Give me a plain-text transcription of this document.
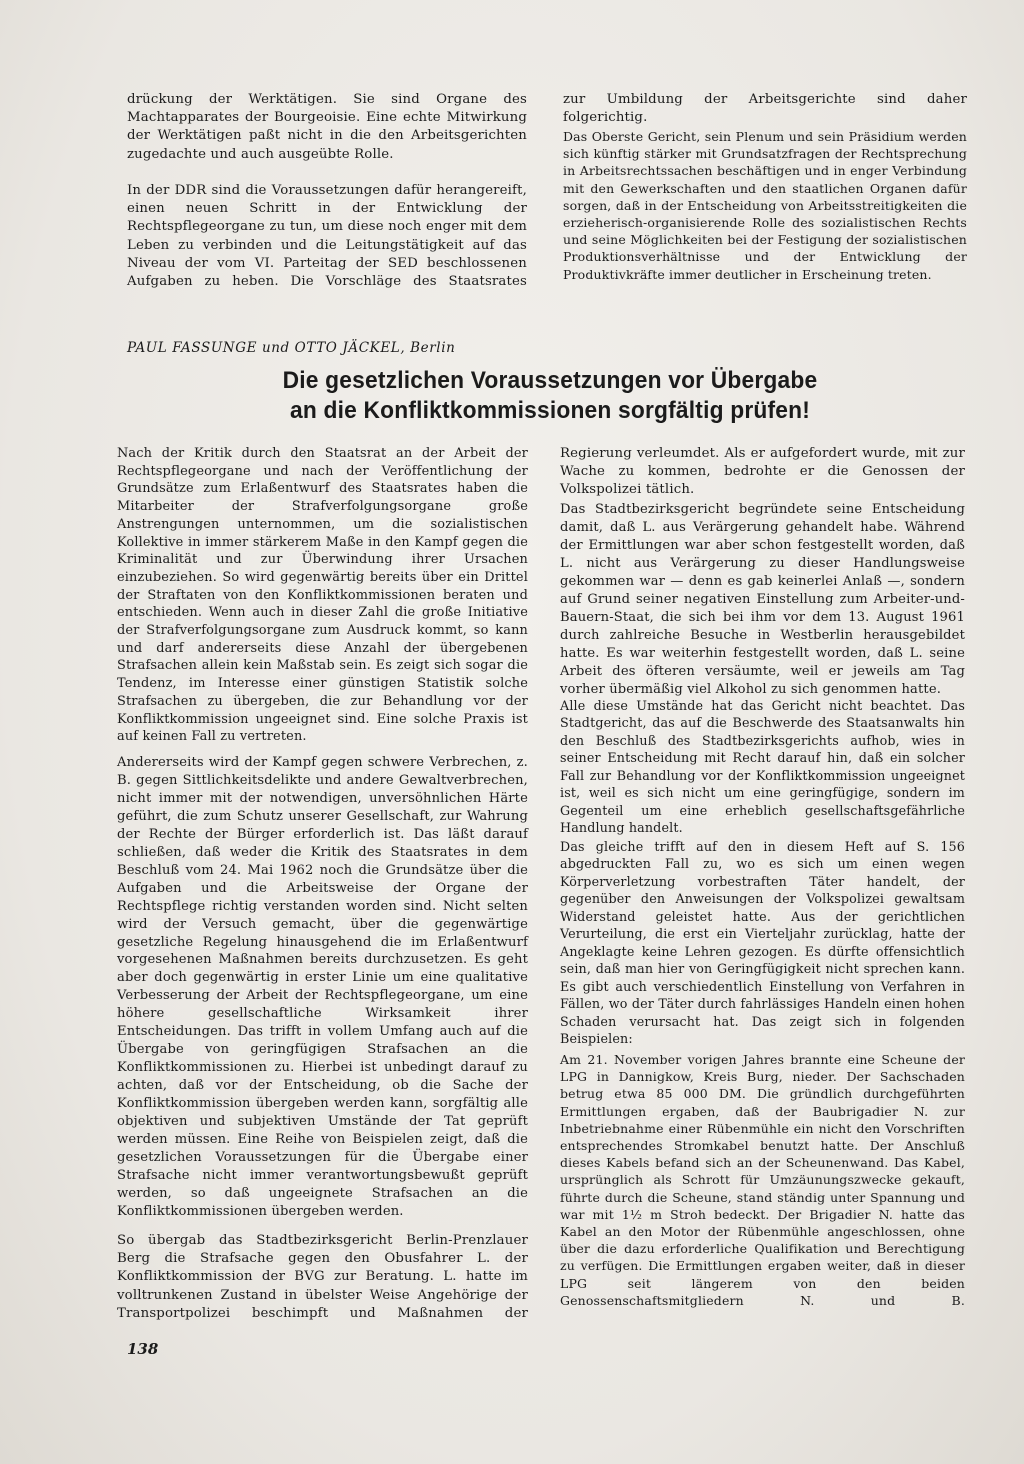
drückung der Werktätigen. Sie sind Organe des Machtapparates der Bourgeoisie. Eine echte Mitwirkung der Werktätigen paßt nicht in die den Arbeitsgerichten zugedachte und auch ausgeübte Rolle.

In der DDR sind die Voraussetzungen dafür herangereift, einen neuen Schritt in der Entwicklung der Rechtspflegeorgane zu tun, um diese noch enger mit dem Leben zu verbinden und die Leitungstätigkeit auf das Niveau der vom VI. Parteitag der SED beschlossenen Aufgaben zu heben. Die Vorschläge des Staatsrates

zur Umbildung der Arbeitsgerichte sind daher folgerichtig.

Das Oberste Gericht, sein Plenum und sein Präsidium werden sich künftig stärker mit Grundsatzfragen der Rechtsprechung in Arbeitsrechtssachen beschäftigen und in enger Verbindung mit den Gewerkschaften und den staatlichen Organen dafür sorgen, daß in der Entscheidung von Arbeitsstreitigkeiten die erzieherisch-organisierende Rolle des sozialistischen Rechts und seine Möglichkeiten bei der Festigung der sozialistischen Produktionsverhältnisse und der Entwicklung der Produktivkräfte immer deutlicher in Erscheinung treten.

PAUL FASSUNGE und OTTO JÄCKEL, Berlin
Die gesetzlichen Voraussetzungen vor Übergabe
an die Konfliktkommissionen sorgfältig prüfen!

Nach der Kritik durch den Staatsrat an der Arbeit der Rechtspflegeorgane und nach der Veröffentlichung der Grundsätze zum Erlaßentwurf des Staatsrates haben die Mitarbeiter der Strafverfolgungsorgane große Anstrengungen unternommen, um die sozialistischen Kollektive in immer stärkerem Maße in den Kampf gegen die Kriminalität und zur Überwindung ihrer Ursachen einzubeziehen. So wird gegenwärtig bereits über ein Drittel der Straftaten von den Konfliktkommissionen beraten und entschieden. Wenn auch in dieser Zahl die große Initiative der Strafverfolgungsorgane zum Ausdruck kommt, so kann und darf andererseits diese Anzahl der übergebenen Strafsachen allein kein Maßstab sein. Es zeigt sich sogar die Tendenz, im Interesse einer günstigen Statistik solche Strafsachen zu übergeben, die zur Behandlung vor der Konfliktkommission ungeeignet sind. Eine solche Praxis ist auf keinen Fall zu vertreten.

Andererseits wird der Kampf gegen schwere Verbrechen, z. B. gegen Sittlichkeitsdelikte und andere Gewaltverbrechen, nicht immer mit der notwendigen, unversöhnlichen Härte geführt, die zum Schutz unserer Gesellschaft, zur Wahrung der Rechte der Bürger erforderlich ist. Das läßt darauf schließen, daß weder die Kritik des Staatsrates in dem Beschluß vom 24. Mai 1962 noch die Grundsätze über die Aufgaben und die Arbeitsweise der Organe der Rechtspflege richtig verstanden worden sind. Nicht selten wird der Versuch gemacht, über die gegenwärtige gesetzliche Regelung hinausgehend die im Erlaßentwurf vorgesehenen Maßnahmen bereits durchzusetzen. Es geht aber doch gegenwärtig in erster Linie um eine qualitative Verbesserung der Arbeit der Rechtspflegeorgane, um eine höhere gesellschaftliche Wirksamkeit ihrer Entscheidungen. Das trifft in vollem Umfang auch auf die Übergabe von geringfügigen Strafsachen an die Konfliktkommissionen zu. Hierbei ist unbedingt darauf zu achten, daß vor der Entscheidung, ob die Sache der Konfliktkommission übergeben werden kann, sorgfältig alle objektiven und subjektiven Umstände der Tat geprüft werden müssen. Eine Reihe von Beispielen zeigt, daß die gesetzlichen Voraussetzungen für die Übergabe einer Strafsache nicht immer verantwortungsbewußt geprüft werden, so daß ungeeignete Strafsachen an die Konfliktkommissionen übergeben werden.

So übergab das Stadtbezirksgericht Berlin-Prenzlauer Berg die Strafsache gegen den Obusfahrer L. der Konfliktkommission der BVG zur Beratung. L. hatte im volltrunkenen Zustand in übelster Weise Angehörige der Transportpolizei beschimpft und Maßnahmen der

Regierung verleumdet. Als er aufgefordert wurde, mit zur Wache zu kommen, bedrohte er die Genossen der Volkspolizei tätlich.

Das Stadtbezirksgericht begründete seine Entscheidung damit, daß L. aus Verärgerung gehandelt habe. Während der Ermittlungen war aber schon festgestellt worden, daß L. nicht aus Verärgerung zu dieser Handlungsweise gekommen war — denn es gab keinerlei Anlaß —, sondern auf Grund seiner negativen Einstellung zum Arbeiter-und-Bauern-Staat, die sich bei ihm vor dem 13. August 1961 durch zahlreiche Besuche in Westberlin herausgebildet hatte. Es war weiterhin festgestellt worden, daß L. seine Arbeit des öfteren versäumte, weil er jeweils am Tag vorher übermäßig viel Alkohol zu sich genommen hatte.

Alle diese Umstände hat das Gericht nicht beachtet. Das Stadtgericht, das auf die Beschwerde des Staatsanwalts hin den Beschluß des Stadtbezirksgerichts aufhob, wies in seiner Entscheidung mit Recht darauf hin, daß ein solcher Fall zur Behandlung vor der Konfliktkommission ungeeignet ist, weil es sich nicht um eine geringfügige, sondern im Gegenteil um eine erheblich gesellschaftsgefährliche Handlung handelt.

Das gleiche trifft auf den in diesem Heft auf S. 156 abgedruckten Fall zu, wo es sich um einen wegen Körperverletzung vorbestraften Täter handelt, der gegenüber den Anweisungen der Volkspolizei gewaltsam Widerstand geleistet hatte. Aus der gerichtlichen Verurteilung, die erst ein Vierteljahr zurücklag, hatte der Angeklagte keine Lehren gezogen. Es dürfte offensichtlich sein, daß man hier von Geringfügigkeit nicht sprechen kann. Es gibt auch verschiedentlich Einstellung von Verfahren in Fällen, wo der Täter durch fahrlässiges Handeln einen hohen Schaden verursacht hat. Das zeigt sich in folgenden Beispielen:

Am 21. November vorigen Jahres brannte eine Scheune der LPG in Dannigkow, Kreis Burg, nieder. Der Sachschaden betrug etwa 85 000 DM. Die gründlich durchgeführten Ermittlungen ergaben, daß der Baubrigadier N. zur Inbetriebnahme einer Rübenmühle ein nicht den Vorschriften entsprechendes Stromkabel benutzt hatte. Der Anschluß dieses Kabels befand sich an der Scheunenwand. Das Kabel, ursprünglich als Schrott für Umzäunungszwecke gekauft, führte durch die Scheune, stand ständig unter Spannung und war mit 1½ m Stroh bedeckt. Der Brigadier N. hatte das Kabel an den Motor der Rübenmühle angeschlossen, ohne über die dazu erforderliche Qualifikation und Berechtigung zu verfügen. Die Ermittlungen ergaben weiter, daß in dieser LPG seit längerem von den beiden Genossenschaftsmitgliedern N. und B.

138
